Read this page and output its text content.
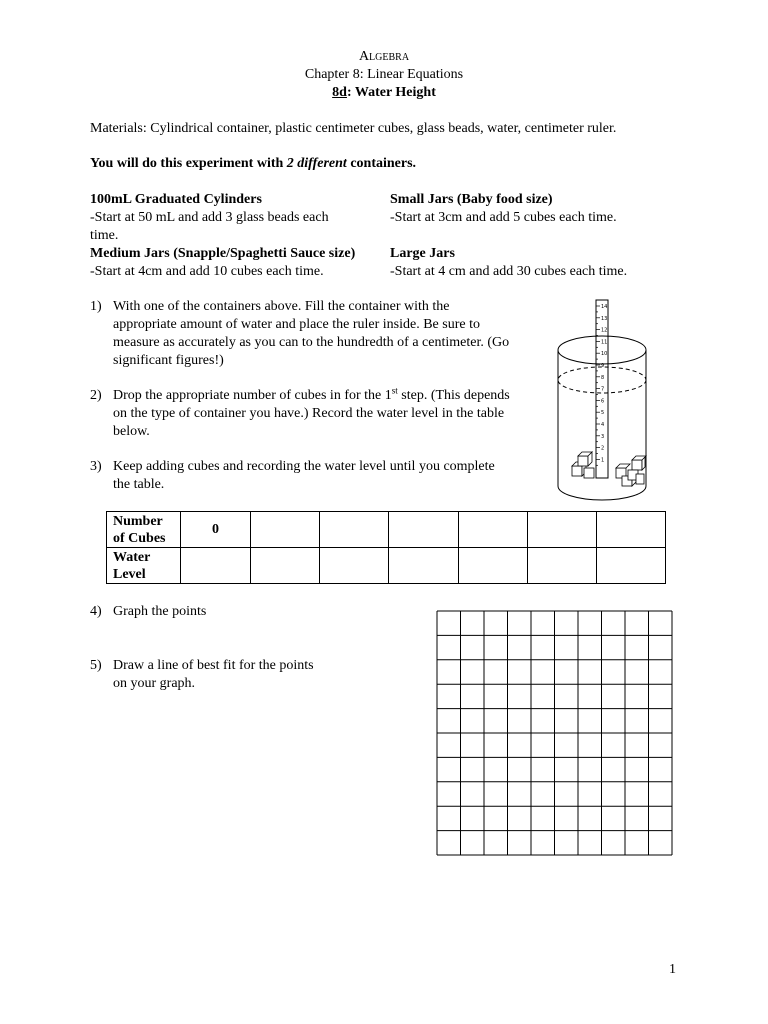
Algebra
Chapter 8: Linear Equations
8d: Water Height
Materials: Cylindrical container, plastic centimeter cubes, glass beads, water, centimeter ruler.
You will do this experiment with 2 different containers.
100mL Graduated Cylinders
-Start at 50 mL and add 3 glass beads each
time.
Small Jars (Baby food size)
-Start at 3cm and add 5 cubes each time.
Medium Jars (Snapple/Spaghetti Sauce size)
-Start at 4cm and add 10 cubes each time.
Large Jars
-Start at 4 cm and add 30 cubes each time.
1) With one of the containers above. Fill the container with the
appropriate amount of water and place the ruler inside. Be sure to
measure as accurately as you can to the hundredth of a centimeter. (Go
significant figures!)
2) Drop the appropriate number of cubes in for the 1st step. (This depends
on the type of container you have.) Record the water level in the table
below.
3) Keep adding cubes and recording the water level until you complete
the table.
14
13
12
11
10
9
8
7
6
5
4
3
2
1
Number of Cubes	0						
Water Level							
4) Graph the points
5) Draw a line of best fit for the points
on your graph.
1
